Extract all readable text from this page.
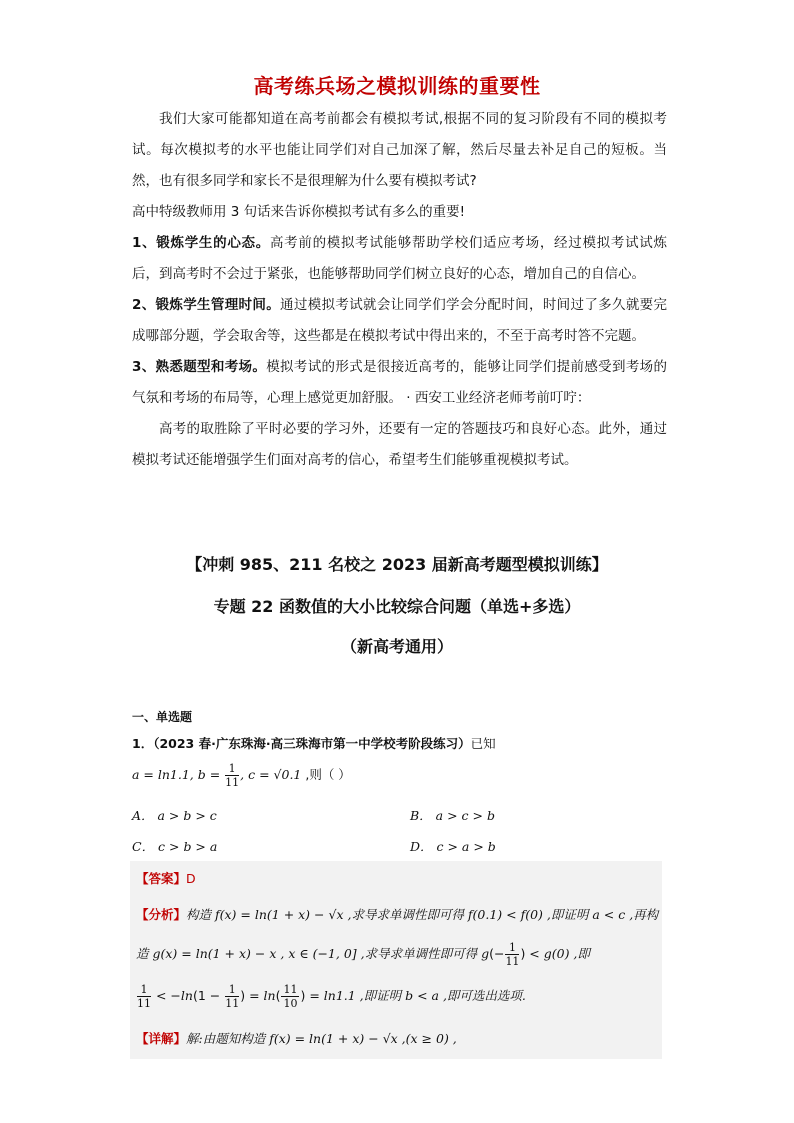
高考练兵场之模拟训练的重要性

我们大家可能都知道在高考前都会有模拟考试,根据不同的复习阶段有不同的模拟考试。每次模拟考的水平也能让同学们对自己加深了解，然后尽量去补足自己的短板。当然，也有很多同学和家长不是很理解为什么要有模拟考试?

高中特级教师用 3 句话来告诉你模拟考试有多么的重要!

1、锻炼学生的心态。高考前的模拟考试能够帮助学校们适应考场，经过模拟考试试炼后，到高考时不会过于紧张，也能够帮助同学们树立良好的心态，增加自己的自信心。

2、锻炼学生管理时间。通过模拟考试就会让同学们学会分配时间，时间过了多久就要完成哪部分题，学会取舍等，这些都是在模拟考试中得出来的，不至于高考时答不完题。

3、熟悉题型和考场。模拟考试的形式是很接近高考的，能够让同学们提前感受到考场的气氛和考场的布局等，心理上感觉更加舒服。 · 西安工业经济老师考前叮咛：

高考的取胜除了平时必要的学习外，还要有一定的答题技巧和良好心态。此外，通过模拟考试还能增强学生们面对高考的信心，希望考生们能够重视模拟考试。

【冲刺 985、211 名校之 2023 届新高考题型模拟训练】
专题 22 函数值的大小比较综合问题（单选+多选）
（新高考通用）
一、单选题
1．（2023 春·广东珠海·高三珠海市第一中学校考阶段练习）已知
a = ln1.1, $b = \frac{1}{11}$ , c = √0.1 ,则（ ）
A． a > b > c	B． a > c > b
C． c > b > a	D． c > a > b
【答案】D
【分析】构造 f(x) = ln(1 + x) − √x ,求导求单调性即可得 f(0.1) < f(0) ,即证明 a < c ,再构
造 g(x) = ln(1 + x) − x , x ∈ (−1, 0] ,求导求单调性即可得 $g(- \frac{1}{11}$ ) < g(0) ,即
$\frac{1}{11} < -\ln(1 - \frac{1}{11}$ ) = $\ln( \frac{11}{10}$ ) = ln1.1 ,即证明 b < a ,即可选出选项.
【详解】解:由题知构造 f(x) = ln(1 + x) − √x ,(x ≥ 0) ,
